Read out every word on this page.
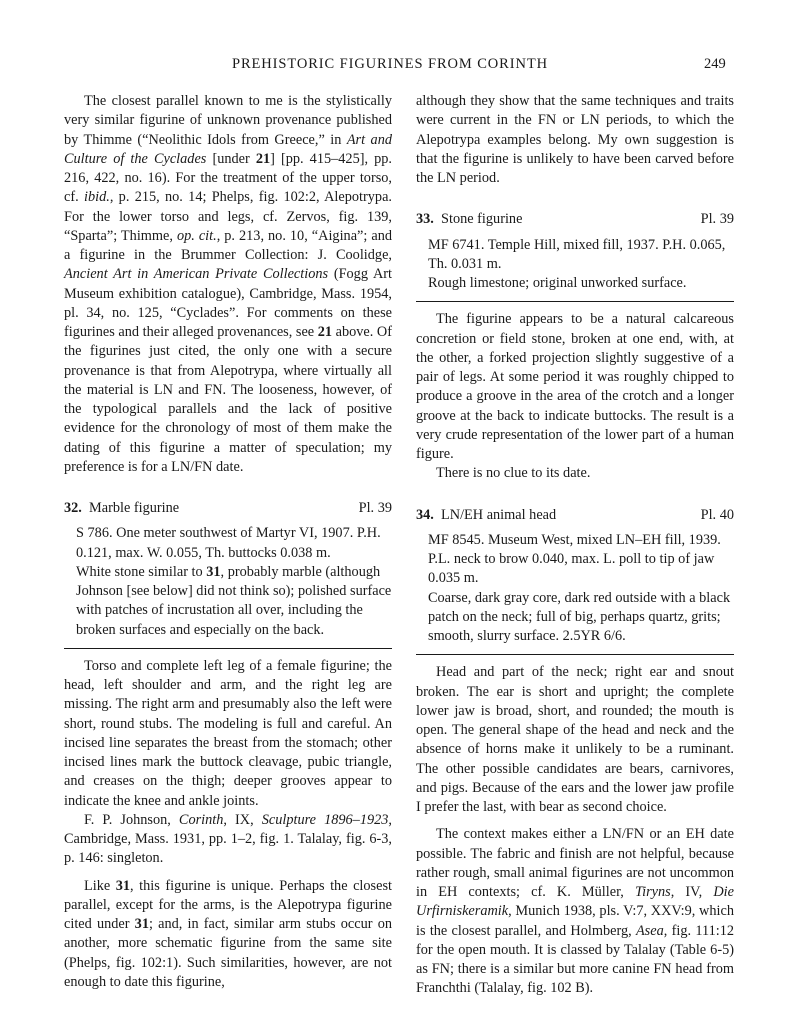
PREHISTORIC FIGURINES FROM CORINTH	249

The closest parallel known to me is the stylistically very similar figurine of unknown provenance published by Thimme (“Neolithic Idols from Greece,” in Art and Culture of the Cyclades [under 21] [pp. 415–425], pp. 216, 422, no. 16). For the treatment of the upper torso, cf. ibid., p. 215, no. 14; Phelps, fig. 102:2, Alepotrypa. For the lower torso and legs, cf. Zervos, fig. 139, “Sparta”; Thimme, op. cit., p. 213, no. 10, “Aigina”; and a figurine in the Brummer Collection: J. Coolidge, Ancient Art in American Private Collections (Fogg Art Museum exhibition catalogue), Cambridge, Mass. 1954, pl. 34, no. 125, “Cyclades”. For comments on these figurines and their alleged provenances, see 21 above. Of the figurines just cited, the only one with a secure provenance is that from Alepotrypa, where virtually all the material is LN and FN. The looseness, however, of the typological parallels and the lack of positive evidence for the chronology of most of them make the dating of this figurine a matter of speculation; my preference is for a LN/FN date.

32. Marble figurine	Pl. 39

S 786. One meter southwest of Martyr VI, 1907. P.H. 0.121, max. W. 0.055, Th. buttocks 0.038 m.

White stone similar to 31, probably marble (although Johnson [see below] did not think so); polished surface with patches of incrustation all over, including the broken surfaces and especially on the back.

Torso and complete left leg of a female figurine; the head, left shoulder and arm, and the right leg are missing. The right arm and presumably also the left were short, round stubs. The modeling is full and careful. An incised line separates the breast from the stomach; other incised lines mark the buttock cleavage, pubic triangle, and creases on the thigh; deeper grooves appear to indicate the knee and ankle joints.

F. P. Johnson, Corinth, IX, Sculpture 1896–1923, Cambridge, Mass. 1931, pp. 1–2, fig. 1. Talalay, fig. 6-3, p. 146: singleton.

Like 31, this figurine is unique. Perhaps the closest parallel, except for the arms, is the Alepotrypa figurine cited under 31; and, in fact, similar arm stubs occur on another, more schematic figurine from the same site (Phelps, fig. 102:1). Such similarities, however, are not enough to date this figurine,

although they show that the same techniques and traits were current in the FN or LN periods, to which the Alepotrypa examples belong. My own suggestion is that the figurine is unlikely to have been carved before the LN period.

33. Stone figurine	Pl. 39

MF 6741. Temple Hill, mixed fill, 1937. P.H. 0.065, Th. 0.031 m.

Rough limestone; original unworked surface.

The figurine appears to be a natural calcareous concretion or field stone, broken at one end, with, at the other, a forked projection slightly suggestive of a pair of legs. At some period it was roughly chipped to produce a groove in the area of the crotch and a longer groove at the back to indicate buttocks. The result is a very crude representation of the lower part of a human figure.

There is no clue to its date.

34. LN/EH animal head	Pl. 40

MF 8545. Museum West, mixed LN–EH fill, 1939. P.L. neck to brow 0.040, max. L. poll to tip of jaw 0.035 m.

Coarse, dark gray core, dark red outside with a black patch on the neck; full of big, perhaps quartz, grits; smooth, slurry surface. 2.5YR 6/6.

Head and part of the neck; right ear and snout broken. The ear is short and upright; the complete lower jaw is broad, short, and rounded; the mouth is open. The general shape of the head and neck and the absence of horns make it unlikely to be a ruminant. The other possible candidates are bears, carnivores, and pigs. Because of the ears and the lower jaw profile I prefer the last, with bear as second choice.

The context makes either a LN/FN or an EH date possible. The fabric and finish are not helpful, because rather rough, small animal figurines are not uncommon in EH contexts; cf. K. Müller, Tiryns, IV, Die Urfirniskeramik, Munich 1938, pls. V:7, XXV:9, which is the closest parallel, and Holmberg, Asea, fig. 111:12 for the open mouth. It is classed by Talalay (Table 6-5) as FN; there is a similar but more canine FN head from Franchthi (Talalay, fig. 102 B).
